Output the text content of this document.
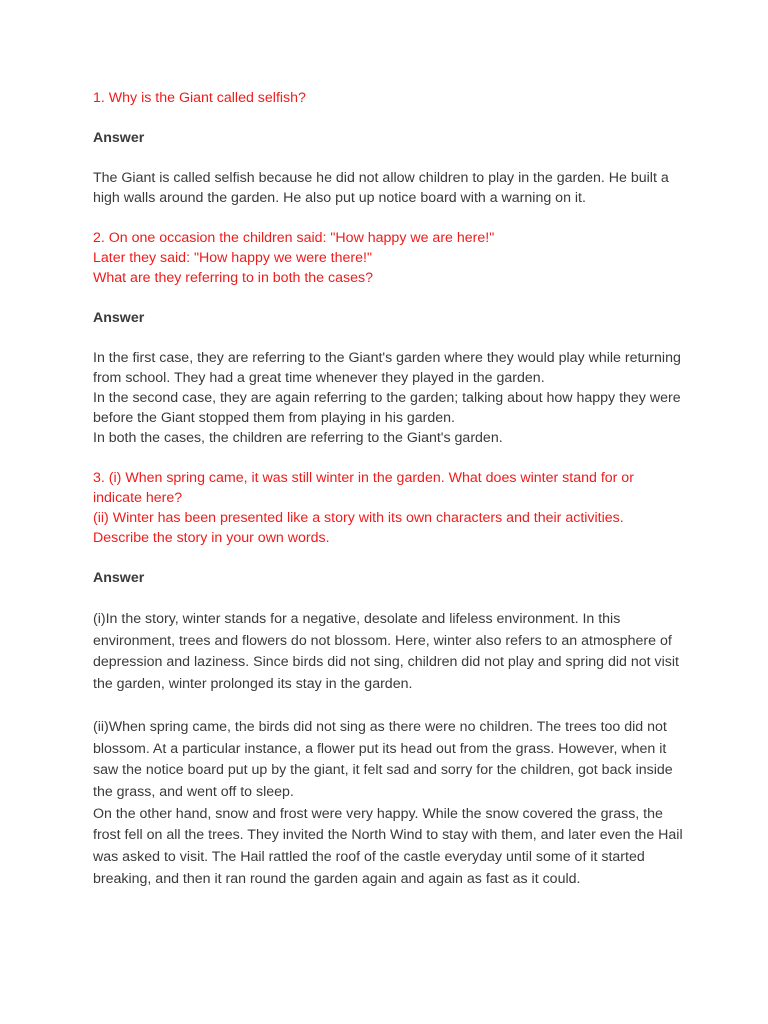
1. Why is the Giant called selfish?

Answer

The Giant is called selfish because he did not allow children to play in the garden. He built a high walls around the garden. He also put up notice board with a warning on it.

2. On one occasion the children said: "How happy we are here!"
Later they said: "How happy we were there!"
What are they referring to in both the cases?

Answer

In the first case, they are referring to the Giant's garden where they would play while returning from school. They had a great time whenever they played in the garden.
In the second case, they are again referring to the garden; talking about how happy they were before the Giant stopped them from playing in his garden.
In both the cases, the children are referring to the Giant's garden.

3. (i) When spring came, it was still winter in the garden. What does winter stand for or indicate here?
(ii) Winter has been presented like a story with its own characters and their activities. Describe the story in your own words.

Answer

(i)In the story, winter stands for a negative, desolate and lifeless environment. In this environment, trees and flowers do not blossom. Here, winter also refers to an atmosphere of depression and laziness. Since birds did not sing, children did not play and spring did not visit the garden, winter prolonged its stay in the garden.

(ii)When spring came, the birds did not sing as there were no children. The trees too did not blossom. At a particular instance, a flower put its head out from the grass. However, when it saw the notice board put up by the giant, it felt sad and sorry for the children, got back inside the grass, and went off to sleep.
On the other hand, snow and frost were very happy. While the snow covered the grass, the frost fell on all the trees. They invited the North Wind to stay with them, and later even the Hail was asked to visit. The Hail rattled the roof of the castle everyday until some of it started breaking, and then it ran round the garden again and again as fast as it could.
